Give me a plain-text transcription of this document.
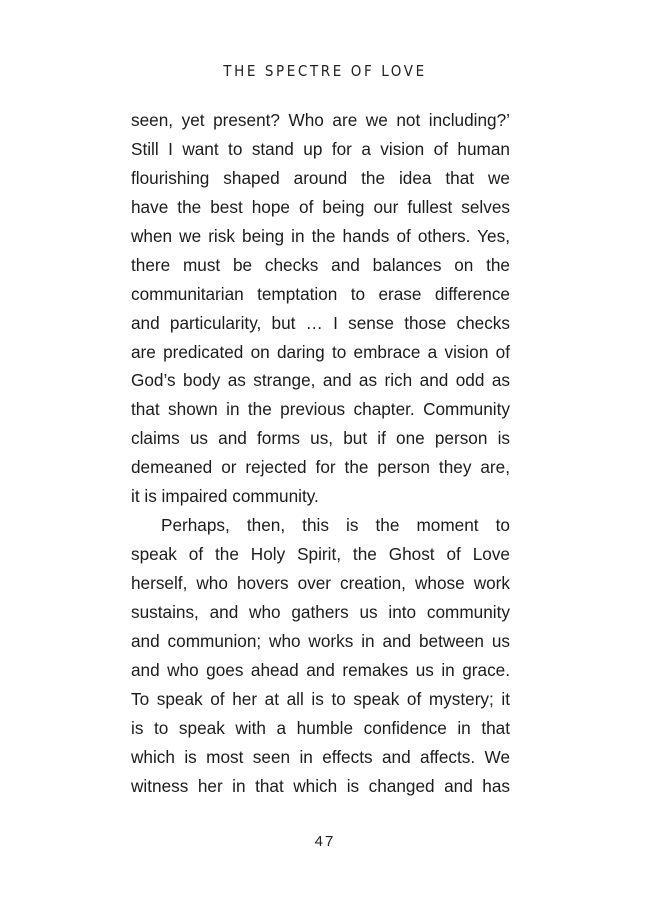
THE SPECTRE OF LOVE
seen, yet present? Who are we not including?’
Still I want to stand up for a vision of human
flourishing shaped around the idea that we
have the best hope of being our fullest selves
when we risk being in the hands of others. Yes,
there must be checks and balances on the
communitarian temptation to erase difference
and particularity, but … I sense those checks
are predicated on daring to embrace a vision of
God’s body as strange, and as rich and odd as
that shown in the previous chapter. Community
claims us and forms us, but if one person is
demeaned or rejected for the person they are,
it is impaired community.
Perhaps, then, this is the moment to
speak of the Holy Spirit, the Ghost of Love
herself, who hovers over creation, whose work
sustains, and who gathers us into community
and communion; who works in and between us
and who goes ahead and remakes us in grace.
To speak of her at all is to speak of mystery; it
is to speak with a humble confidence in that
which is most seen in effects and affects. We
witness her in that which is changed and has
47
